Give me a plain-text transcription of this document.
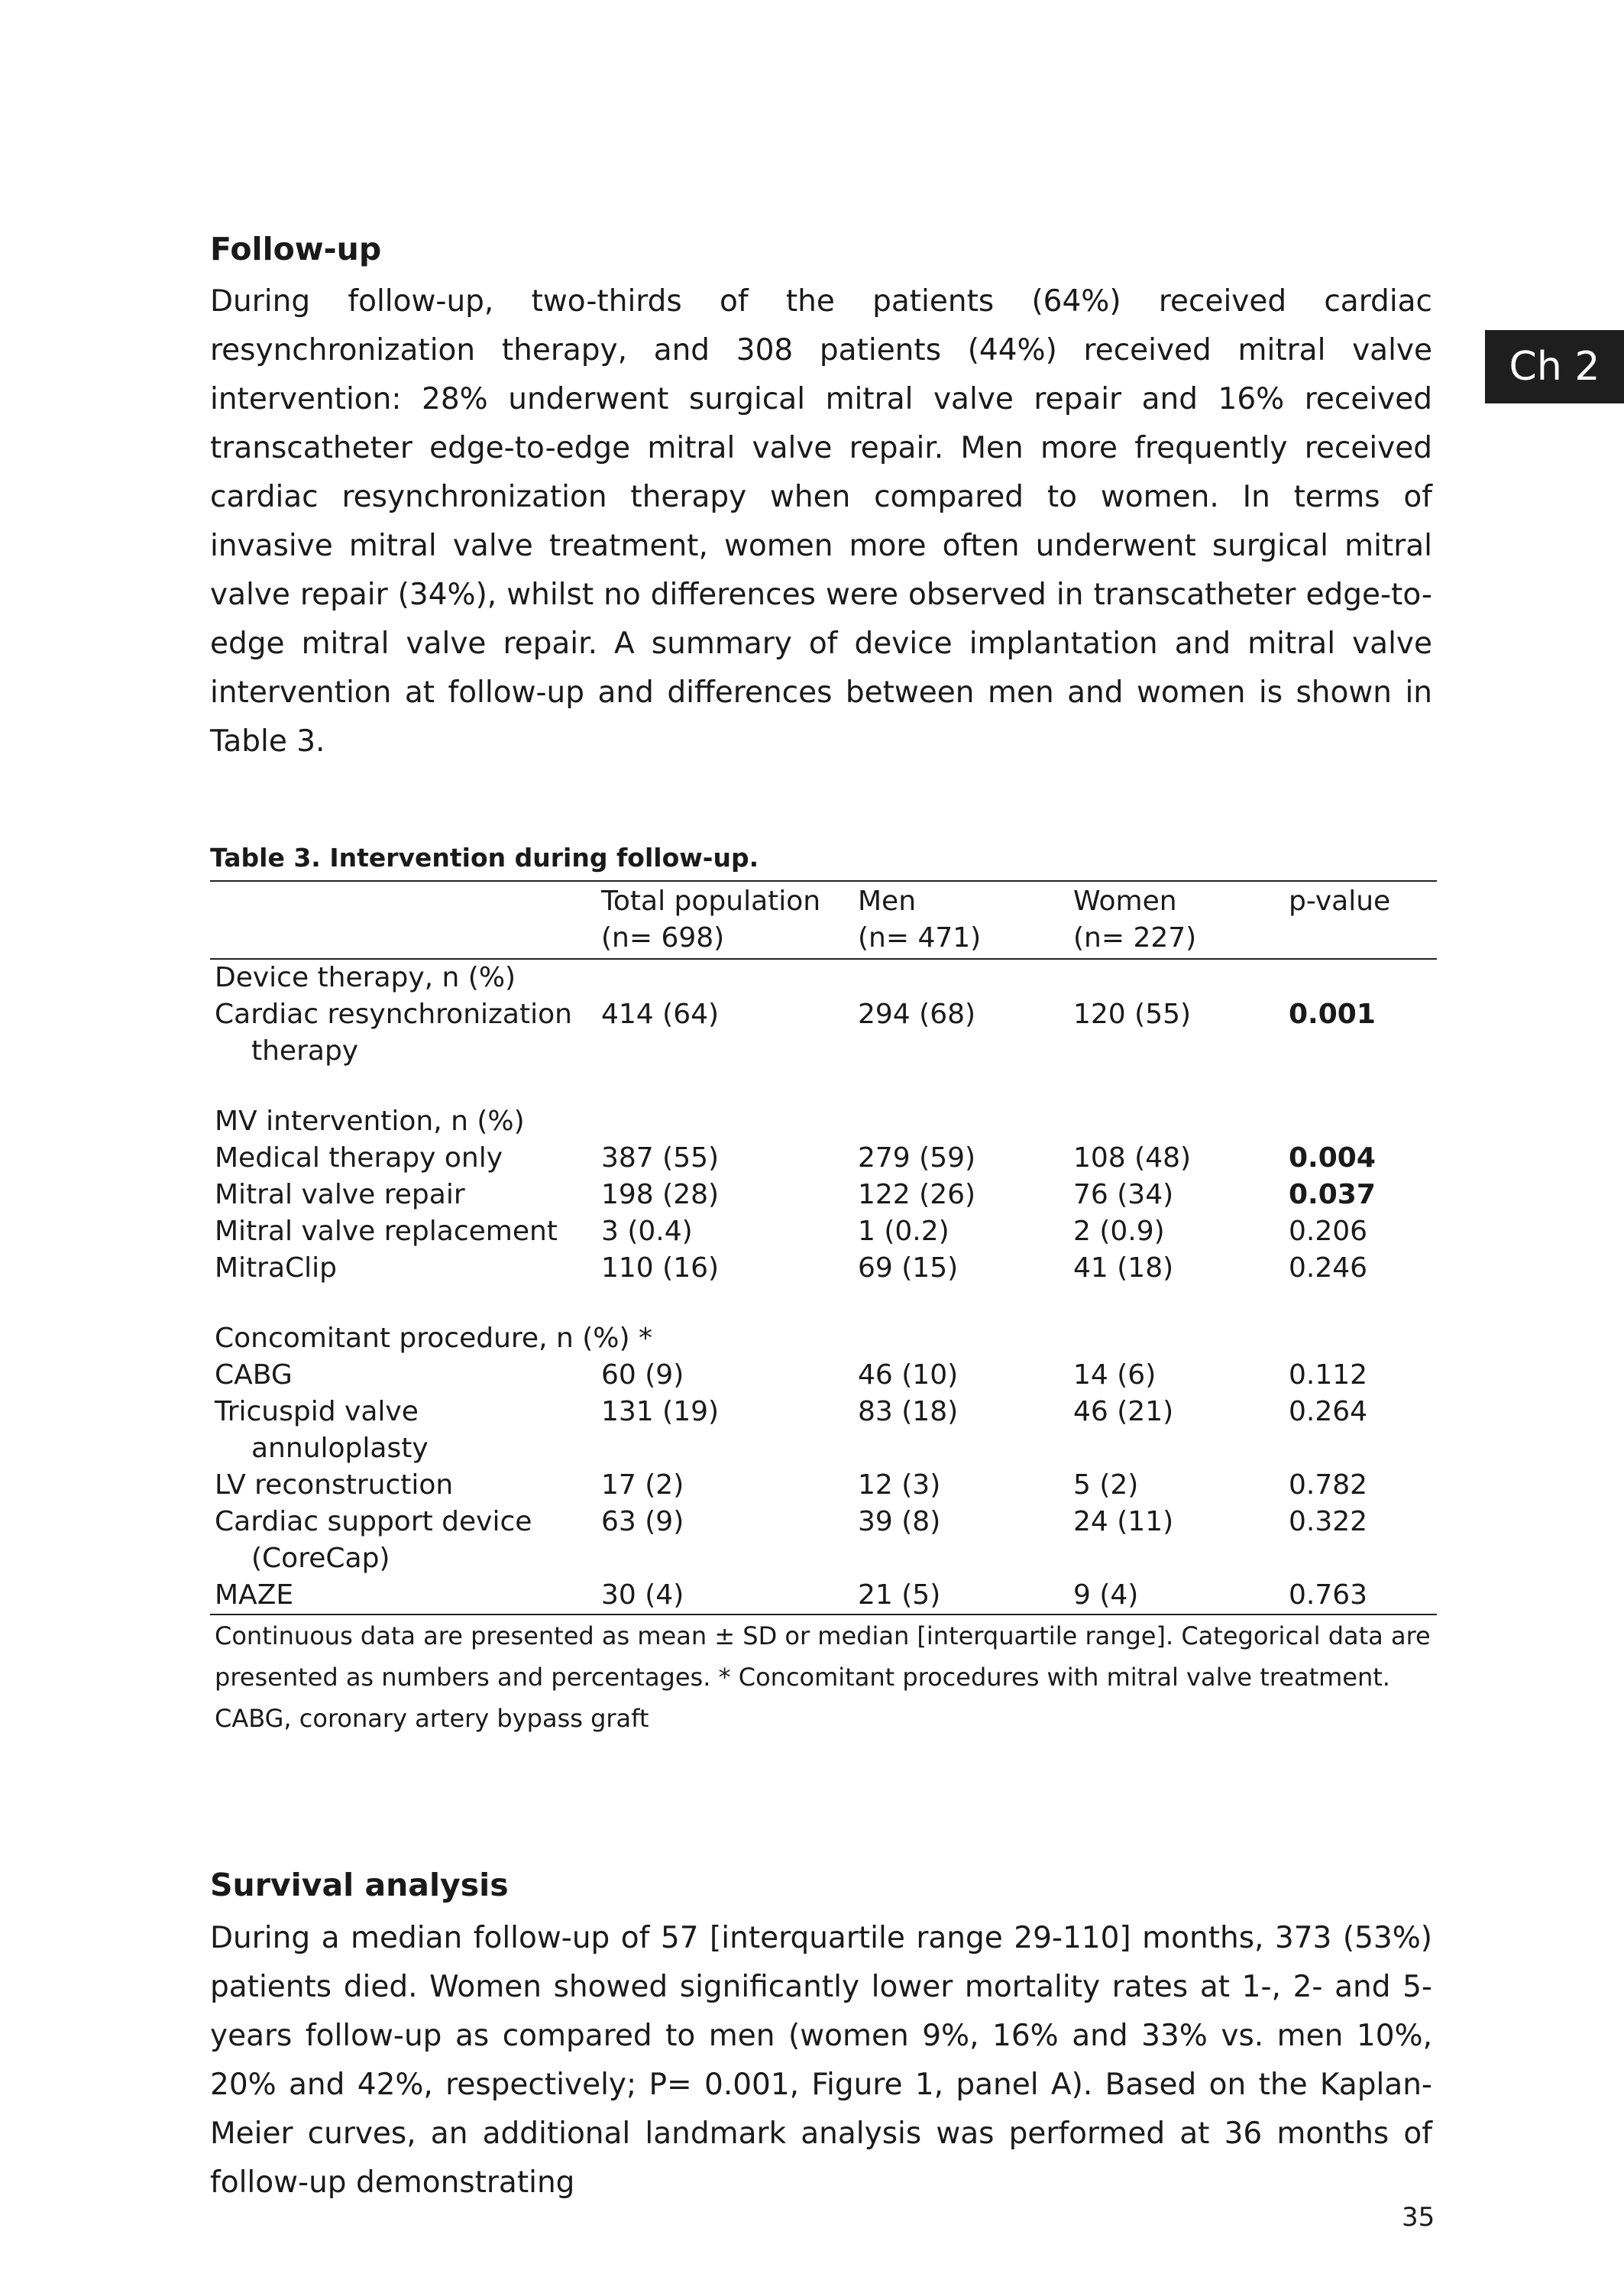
Ch 2
Follow-up

During follow-up, two-thirds of the patients (64%) received cardiac resynchronization therapy, and 308 patients (44%) received mitral valve intervention: 28% underwent surgical mitral valve repair and 16% received transcatheter edge-to-edge mitral valve repair. Men more frequently received cardiac resynchronization therapy when compared to women. In terms of invasive mitral valve treatment, women more often underwent surgical mitral valve repair (34%), whilst no differences were observed in transcatheter edge-to-edge mitral valve repair. A summary of device implantation and mitral valve intervention at follow-up and differences between men and women is shown in Table 3.

Table 3. Intervention during follow-up.
	Total population	Men	Women	p-value
	(n= 698)	(n= 471)	(n= 227)	
Device therapy, n (%)				
Cardiac resynchronization therapy	414 (64)	294 (68)	120 (55)	0.001

MV intervention, n (%)				
Medical therapy only	387 (55)	279 (59)	108 (48)	0.004
Mitral valve repair	198 (28)	122 (26)	76 (34)	0.037
Mitral valve replacement	3 (0.4)	1 (0.2)	2 (0.9)	0.206
MitraClip	110 (16)	69 (15)	41 (18)	0.246

Concomitant procedure, n (%) *				
CABG	60 (9)	46 (10)	14 (6)	0.112
Tricuspid valve annuloplasty	131 (19)	83 (18)	46 (21)	0.264
LV reconstruction	17 (2)	12 (3)	5 (2)	0.782
Cardiac support device (CoreCap)	63 (9)	39 (8)	24 (11)	0.322
MAZE	30 (4)	21 (5)	9 (4)	0.763

Continuous data are presented as mean ± SD or median [interquartile range]. Categorical data are presented as numbers and percentages. * Concomitant procedures with mitral valve treatment.

CABG, coronary artery bypass graft

Survival analysis

During a median follow-up of 57 [interquartile range 29-110] months, 373 (53%) patients died. Women showed significantly lower mortality rates at 1-, 2- and 5-years follow-up as compared to men (women 9%, 16% and 33% vs. men 10%, 20% and 42%, respectively; P= 0.001, Figure 1, panel A). Based on the Kaplan-Meier curves, an additional landmark analysis was performed at 36 months of follow-up demonstrating

35
